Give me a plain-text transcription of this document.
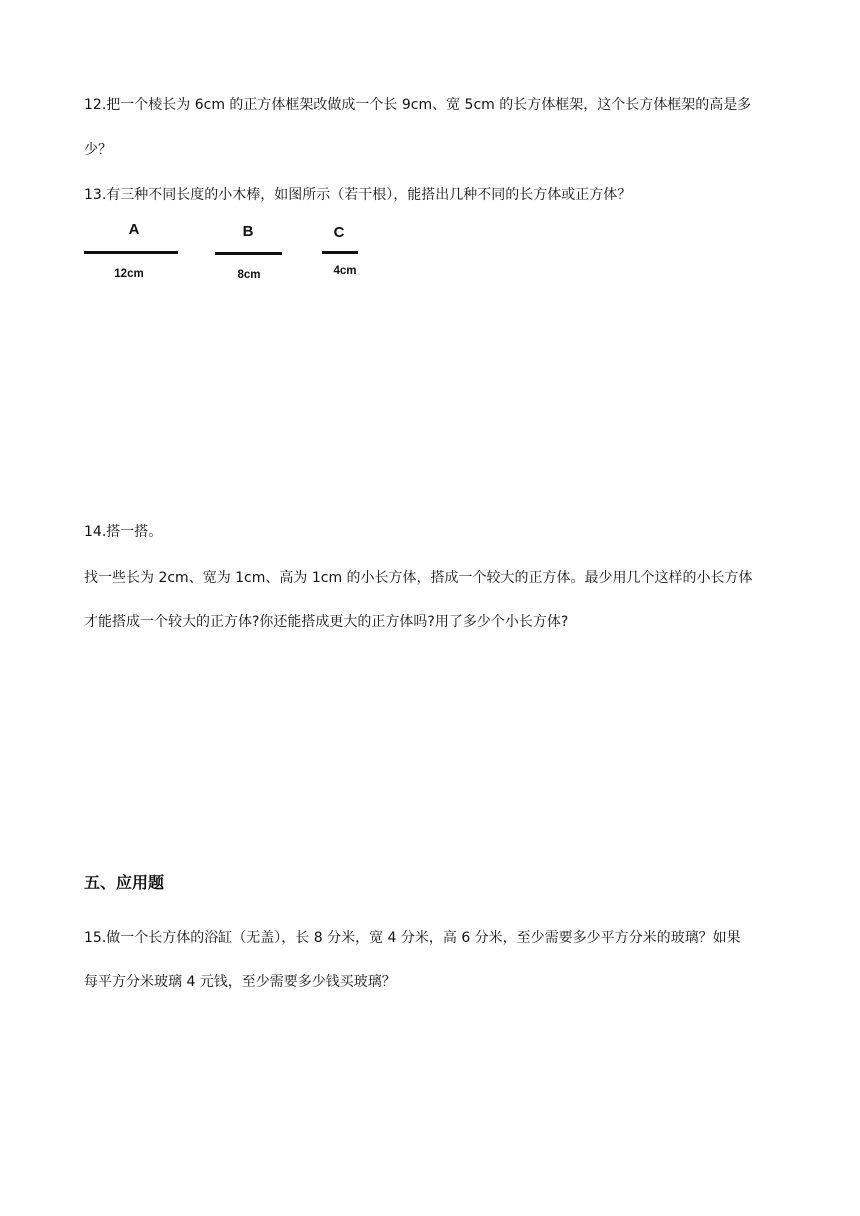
12.把一个棱长为 6cm 的正方体框架改做成一个长 9cm、宽 5cm 的长方体框架，这个长方体框架的高是多
少？
13.有三种不同长度的小木棒，如图所示（若干根），能搭出几种不同的长方体或正方体？
A
12cm
B
8cm
C
4cm
14.搭一搭。
找一些长为 2cm、宽为 1cm、高为 1cm 的小长方体，搭成一个较大的正方体。最少用几个这样的小长方体
才能搭成一个较大的正方体?你还能搭成更大的正方体吗?用了多少个小长方体?
五、应用题
15.做一个长方体的浴缸（无盖），长 8 分米，宽 4 分米，高 6 分米，至少需要多少平方分米的玻璃？如果
每平方分米玻璃 4 元钱，至少需要多少钱买玻璃？
